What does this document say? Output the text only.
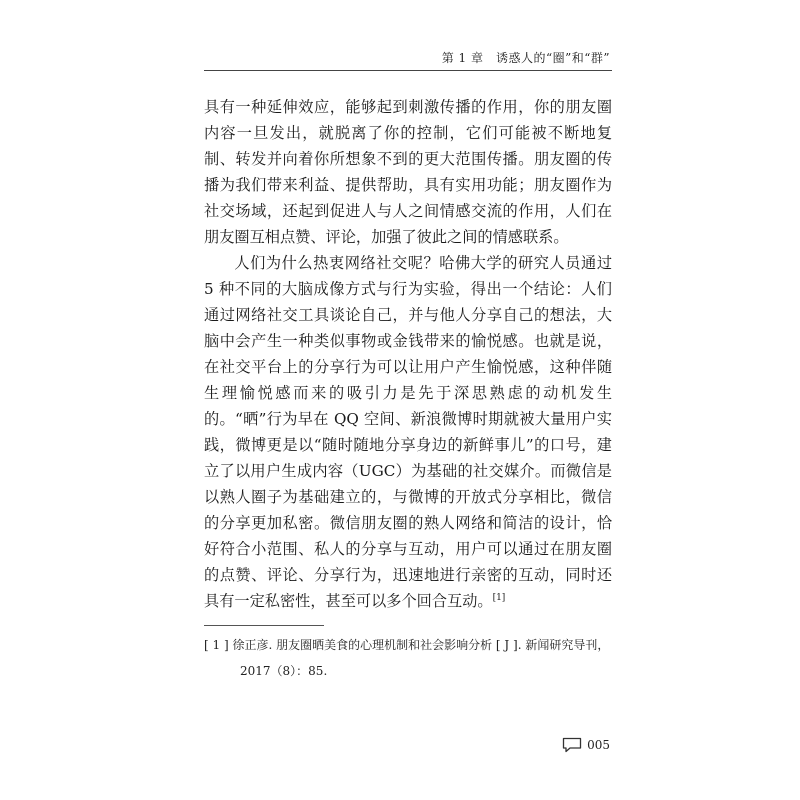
第 1 章　诱惑人的“圈”和“群”

具有一种延伸效应，能够起到刺激传播的作用，你的朋友圈内容一旦发出，就脱离了你的控制，它们可能被不断地复制、转发并向着你所想象不到的更大范围传播。朋友圈的传播为我们带来利益、提供帮助，具有实用功能；朋友圈作为社交场域，还起到促进人与人之间情感交流的作用，人们在朋友圈互相点赞、评论，加强了彼此之间的情感联系。

人们为什么热衷网络社交呢？哈佛大学的研究人员通过 5 种不同的大脑成像方式与行为实验，得出一个结论：人们通过网络社交工具谈论自己，并与他人分享自己的想法，大脑中会产生一种类似事物或金钱带来的愉悦感。也就是说，在社交平台上的分享行为可以让用户产生愉悦感，这种伴随生理愉悦感而来的吸引力是先于深思熟虑的动机发生的。“晒”行为早在 QQ 空间、新浪微博时期就被大量用户实践，微博更是以“随时随地分享身边的新鲜事儿”的口号，建立了以用户生成内容（UGC）为基础的社交媒介。而微信是以熟人圈子为基础建立的，与微博的开放式分享相比，微信的分享更加私密。微信朋友圈的熟人网络和简洁的设计，恰好符合小范围、私人的分享与互动，用户可以通过在朋友圈的点赞、评论、分享行为，迅速地进行亲密的互动，同时还具有一定私密性，甚至可以多个回合互动。[1]

[ 1 ] 徐正彦. 朋友圈晒美食的心理机制和社会影响分析 [ J ]. 新闻研究导刊，
2017（8）：85.
005
